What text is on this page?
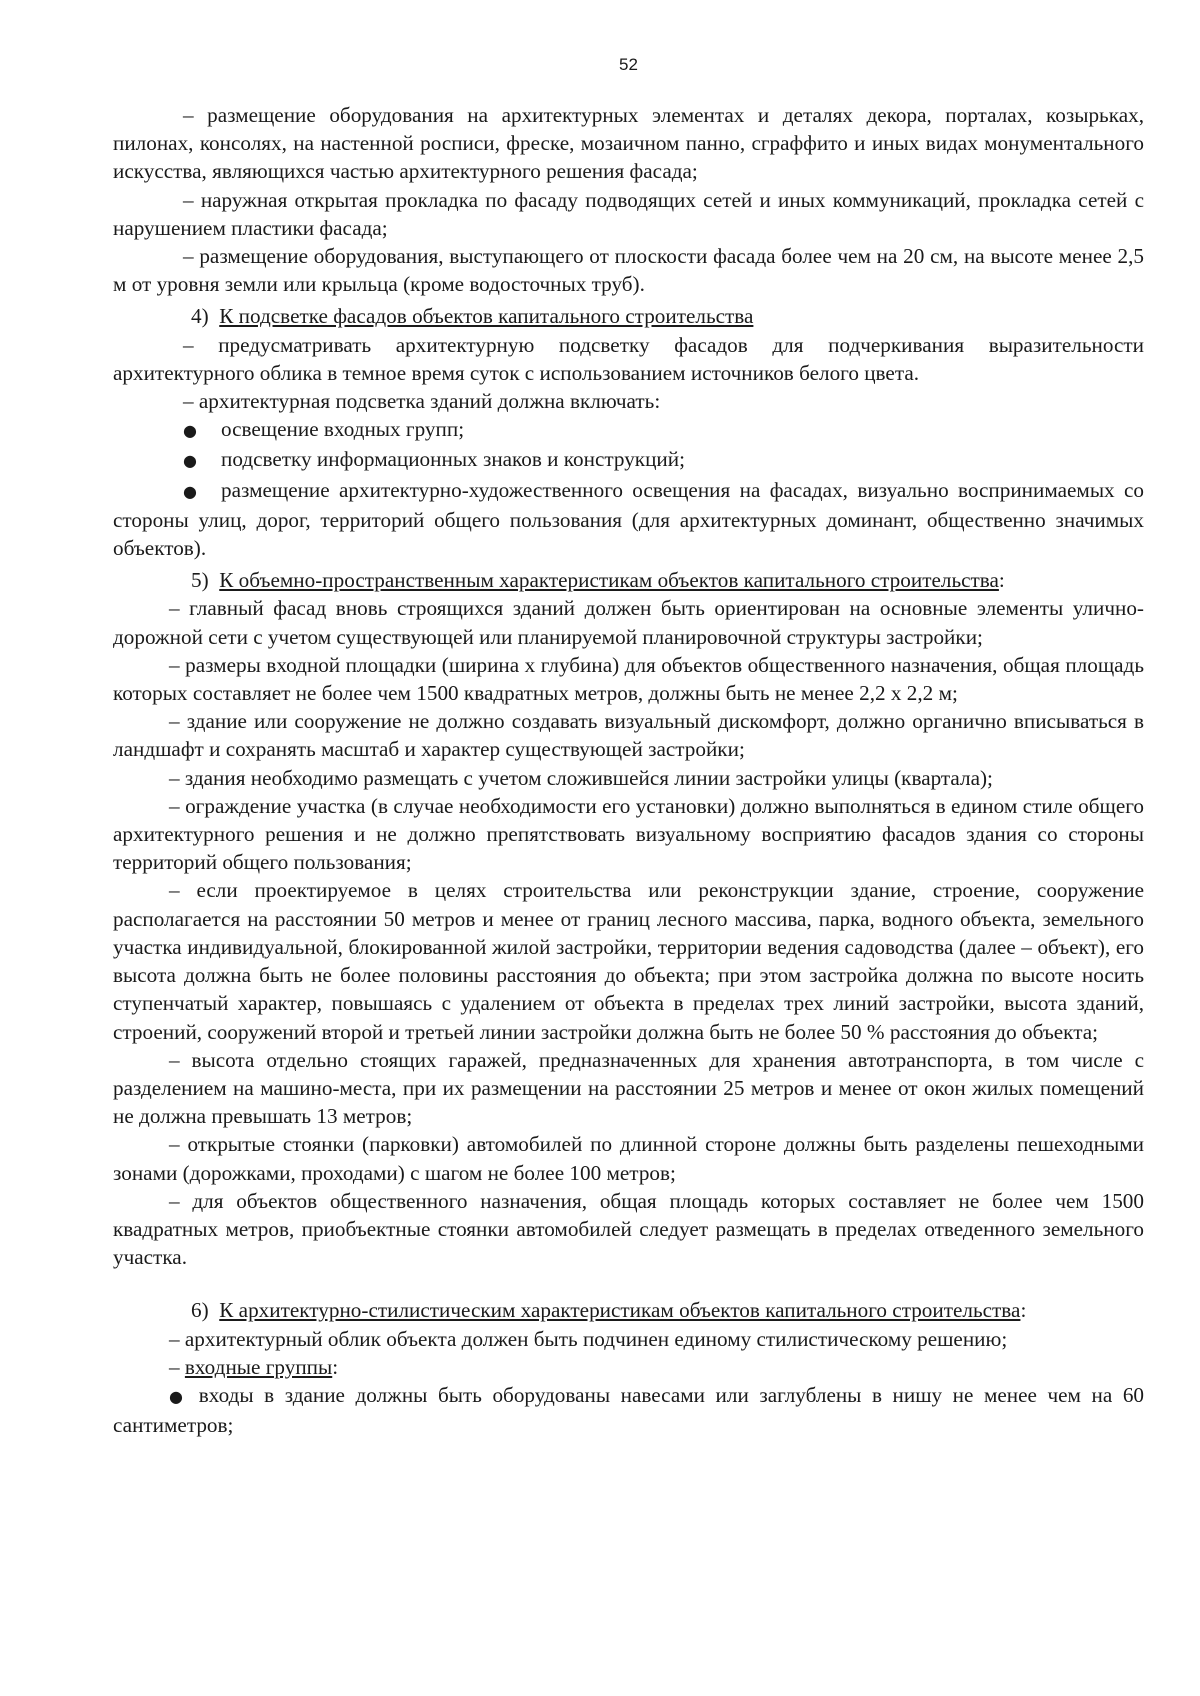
52

– размещение оборудования на архитектурных элементах и деталях декора, порталах, козырьках, пилонах, консолях, на настенной росписи, фреске, мозаичном панно, сграффито и иных видах монументального искусства, являющихся частью архитектурного решения фасада;

– наружная открытая прокладка по фасаду подводящих сетей и иных коммуникаций, прокладка сетей с нарушением пластики фасада;

– размещение оборудования, выступающего от плоскости фасада более чем на 20 см, на высоте менее 2,5 м от уровня земли или крыльца (кроме водосточных труб).

4) К подсветке фасадов объектов капитального строительства

– предусматривать архитектурную подсветку фасадов для подчеркивания выразительности архитектурного облика в темное время суток с использованием источников белого цвета.

– архитектурная подсветка зданий должна включать:

● освещение входных групп;

● подсветку информационных знаков и конструкций;

● размещение архитектурно-художественного освещения на фасадах, визуально воспринимаемых со стороны улиц, дорог, территорий общего пользования (для архитектурных доминант, общественно значимых объектов).

5) К объемно-пространственным характеристикам объектов капитального строительства:

– главный фасад вновь строящихся зданий должен быть ориентирован на основные элементы улично-дорожной сети с учетом существующей или планируемой планировочной структуры застройки;

– размеры входной площадки (ширина х глубина) для объектов общественного назначения, общая площадь которых составляет не более чем 1500 квадратных метров, должны быть не менее 2,2 х 2,2 м;

– здание или сооружение не должно создавать визуальный дискомфорт, должно органично вписываться в ландшафт и сохранять масштаб и характер существующей застройки;

– здания необходимо размещать с учетом сложившейся линии застройки улицы (квартала);

– ограждение участка (в случае необходимости его установки) должно выполняться в едином стиле общего архитектурного решения и не должно препятствовать визуальному восприятию фасадов здания со стороны территорий общего пользования;

– если проектируемое в целях строительства или реконструкции здание, строение, сооружение располагается на расстоянии 50 метров и менее от границ лесного массива, парка, водного объекта, земельного участка индивидуальной, блокированной жилой застройки, территории ведения садоводства (далее – объект), его высота должна быть не более половины расстояния до объекта; при этом застройка должна по высоте носить ступенчатый характер, повышаясь с удалением от объекта в пределах трех линий застройки, высота зданий, строений, сооружений второй и третьей линии застройки должна быть не более 50 % расстояния до объекта;

– высота отдельно стоящих гаражей, предназначенных для хранения автотранспорта, в том числе с разделением на машино-места, при их размещении на расстоянии 25 метров и менее от окон жилых помещений не должна превышать 13 метров;

– открытые стоянки (парковки) автомобилей по длинной стороне должны быть разделены пешеходными зонами (дорожками, проходами) с шагом не более 100 метров;

– для объектов общественного назначения, общая площадь которых составляет не более чем 1500 квадратных метров, приобъектные стоянки автомобилей следует размещать в пределах отведенного земельного участка.

6) К архитектурно-стилистическим характеристикам объектов капитального строительства:

– архитектурный облик объекта должен быть подчинен единому стилистическому решению;

– входные группы:

● входы в здание должны быть оборудованы навесами или заглублены в нишу не менее чем на 60 сантиметров;
